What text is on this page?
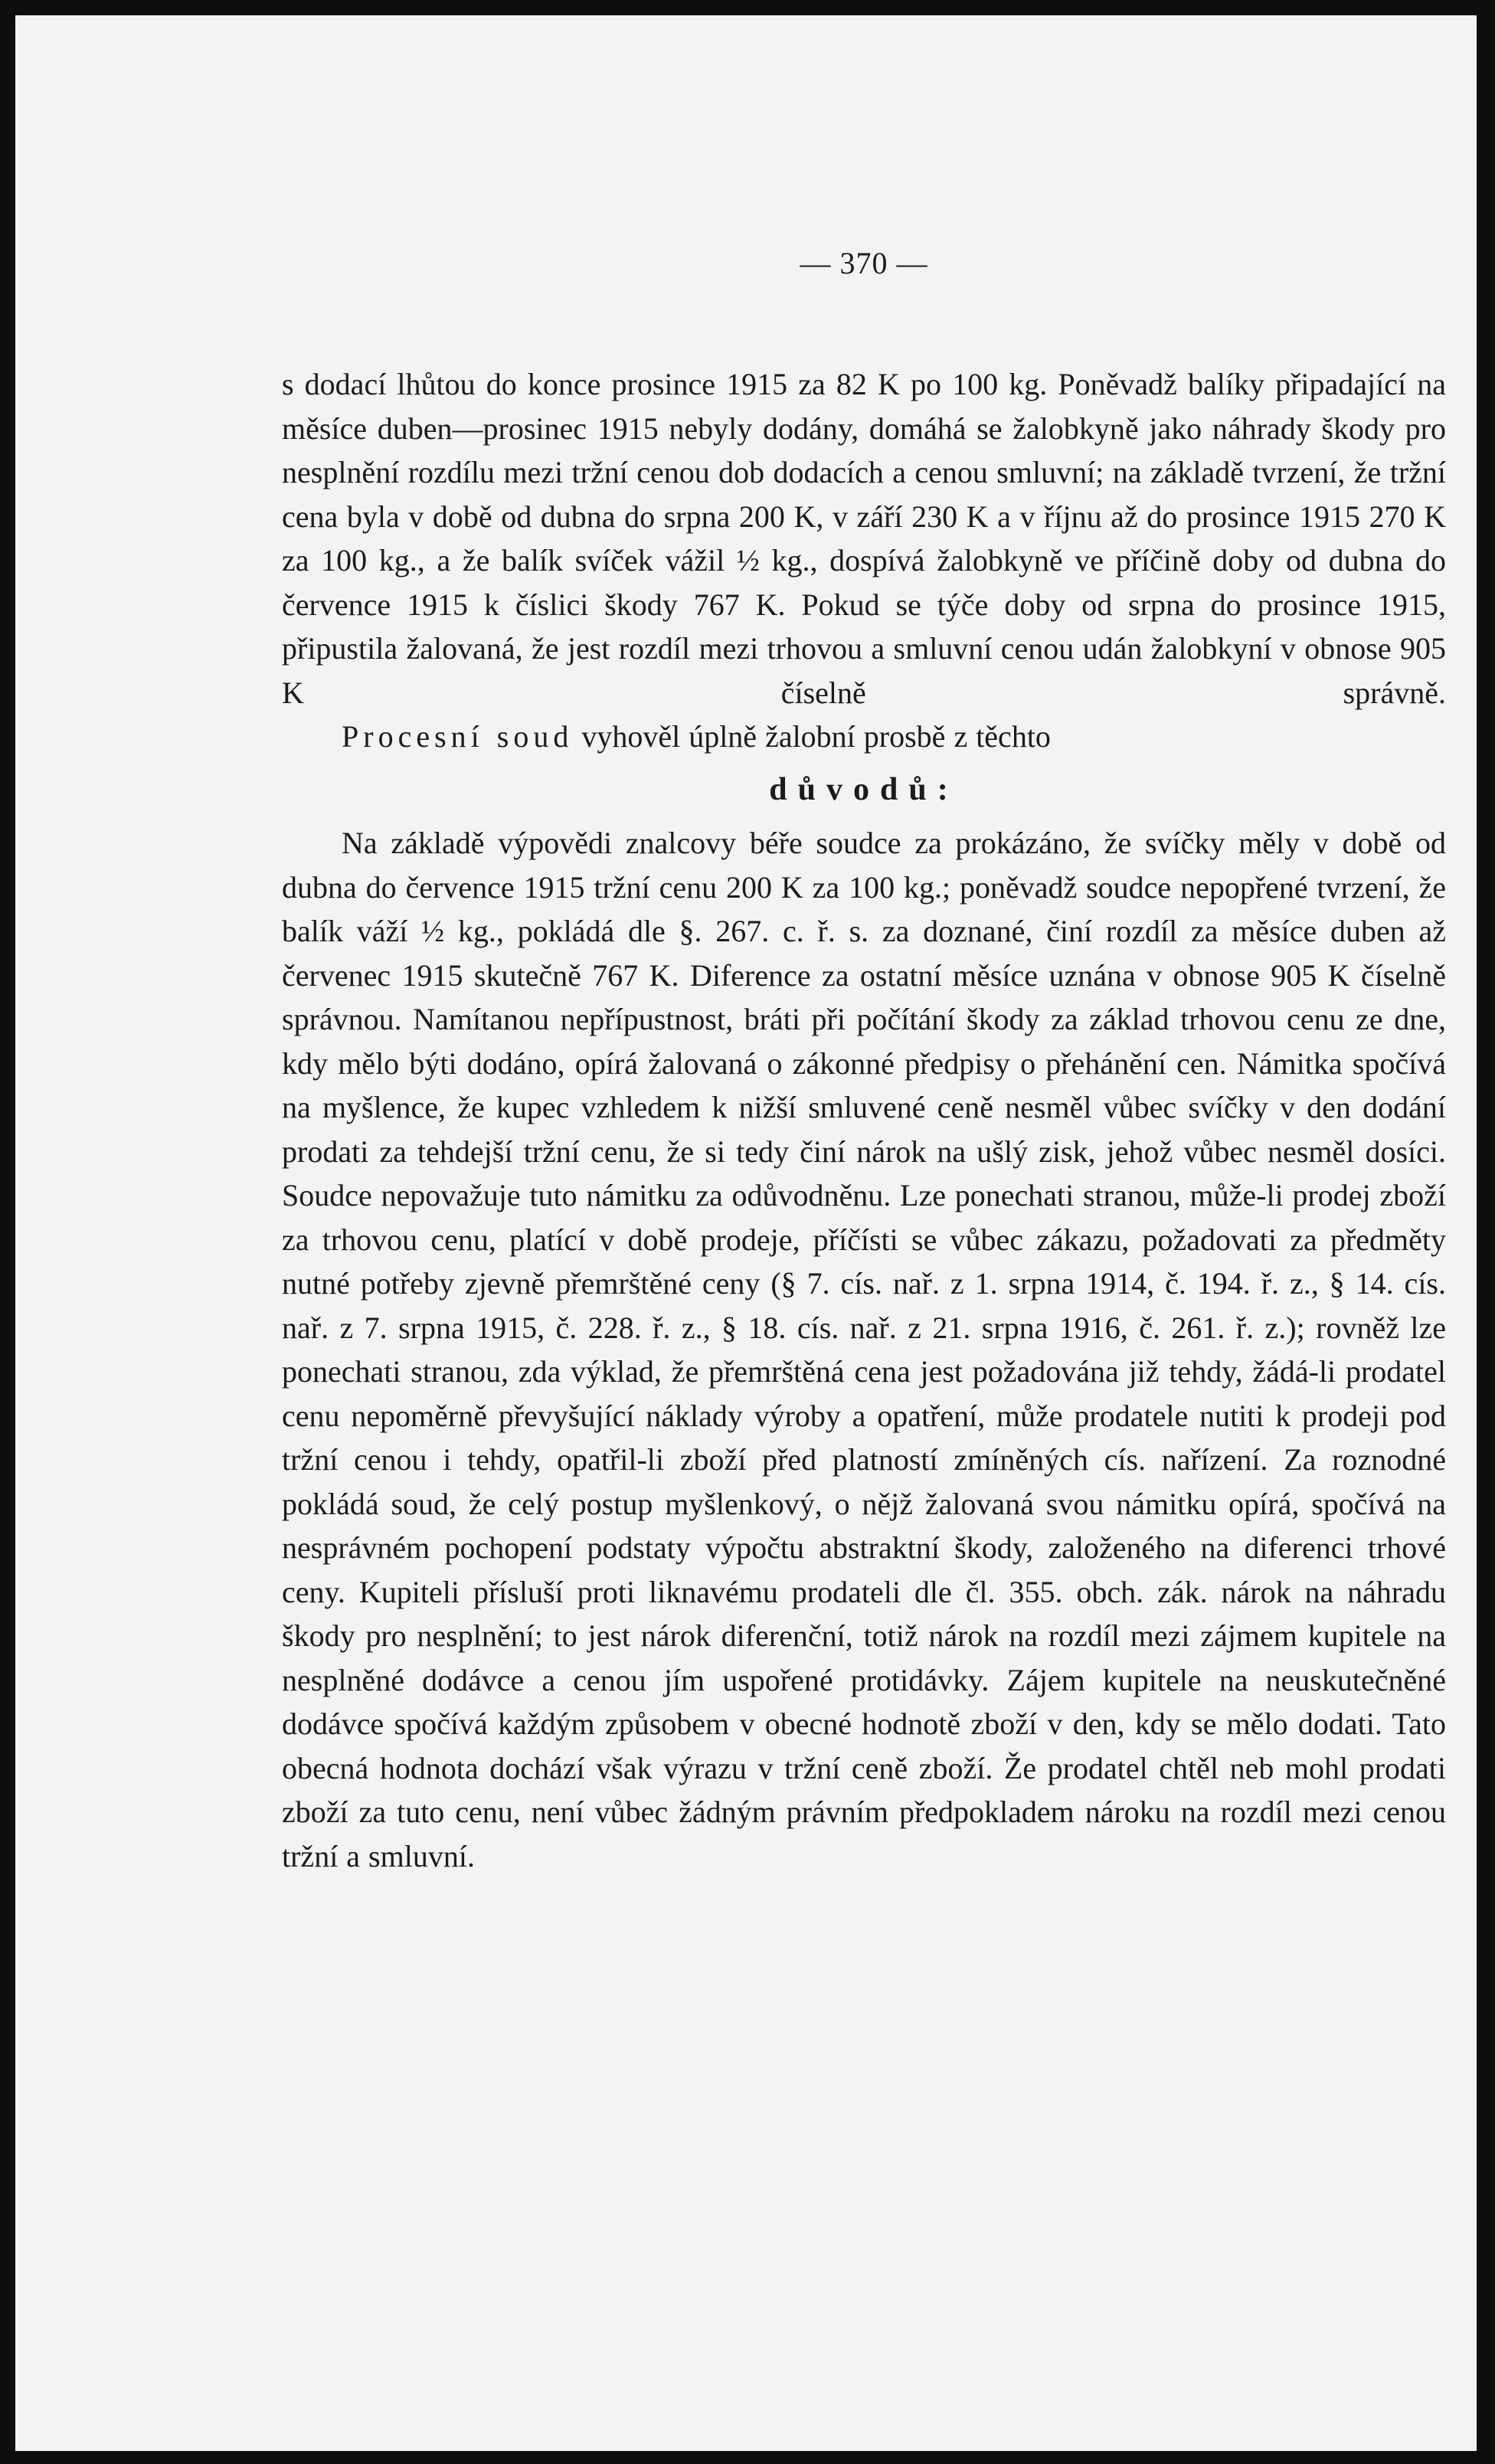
— 370 —

s dodací lhůtou do konce prosince 1915 za 82 K po 100 kg. Poněvadž balíky připadající na měsíce duben—prosinec 1915 nebyly dodány, domáhá se žalobkyně jako náhrady škody pro nesplnění rozdílu mezi tržní cenou dob dodacích a cenou smluvní; na základě tvrzení, že tržní cena byla v době od dubna do srpna 200 K, v září 230 K a v říjnu až do prosince 1915 270 K za 100 kg., a že balík svíček vážil ½ kg., dospívá žalobkyně ve příčině doby od dubna do července 1915 k číslici škody 767 K. Pokud se týče doby od srpna do prosince 1915, připustila žalovaná, že jest rozdíl mezi trhovou a smluvní cenou udán žalobkyní v obnose 905 K číselně správně.

Procesní soud vyhověl úplně žalobní prosbě z těchto

důvodů:

Na základě výpovědi znalcovy béře soudce za prokázáno, že svíčky měly v době od dubna do července 1915 tržní cenu 200 K za 100 kg.; poněvadž soudce nepopřené tvrzení, že balík váží ½ kg., pokládá dle §. 267. c. ř. s. za doznané, činí rozdíl za měsíce duben až červenec 1915 skutečně 767 K. Diference za ostatní měsíce uznána v obnose 905 K číselně správnou. Namítanou nepřípustnost, bráti při počítání škody za základ trhovou cenu ze dne, kdy mělo býti dodáno, opírá žalovaná o zákonné předpisy o přehánění cen. Námitka spočívá na myšlence, že kupec vzhledem k nižší smluvené ceně nesměl vůbec svíčky v den dodání prodati za tehdejší tržní cenu, že si tedy činí nárok na ušlý zisk, jehož vůbec nesměl dosíci. Soudce nepovažuje tuto námitku za odůvodněnu. Lze ponechati stranou, může-li prodej zboží za trhovou cenu, platící v době prodeje, příčísti se vůbec zákazu, požadovati za předměty nutné potřeby zjevně přemrštěné ceny (§ 7. cís. nař. z 1. srpna 1914, č. 194. ř. z., § 14. cís. nař. z 7. srpna 1915, č. 228. ř. z., § 18. cís. nař. z 21. srpna 1916, č. 261. ř. z.); rovněž lze ponechati stranou, zda výklad, že přemrštěná cena jest požadována již tehdy, žádá-li prodatel cenu nepoměrně převyšující náklady výroby a opatření, může prodatele nutiti k prodeji pod tržní cenou i tehdy, opatřil-li zboží před platností zmíněných cís. nařízení. Za roznodné pokládá soud, že celý postup myšlenkový, o nějž žalovaná svou námitku opírá, spočívá na nesprávném pochopení podstaty výpočtu abstraktní škody, založeného na diferenci trhové ceny. Kupiteli přísluší proti liknavému prodateli dle čl. 355. obch. zák. nárok na náhradu škody pro nesplnění; to jest nárok diferenční, totiž nárok na rozdíl mezi zájmem kupitele na nesplněné dodávce a cenou jím uspořené protidávky. Zájem kupitele na neuskutečněné dodávce spočívá každým způsobem v obecné hodnotě zboží v den, kdy se mělo dodati. Tato obecná hodnota dochází však výrazu v tržní ceně zboží. Že prodatel chtěl neb mohl prodati zboží za tuto cenu, není vůbec žádným právním předpokladem nároku na rozdíl mezi cenou tržní a smluvní.
